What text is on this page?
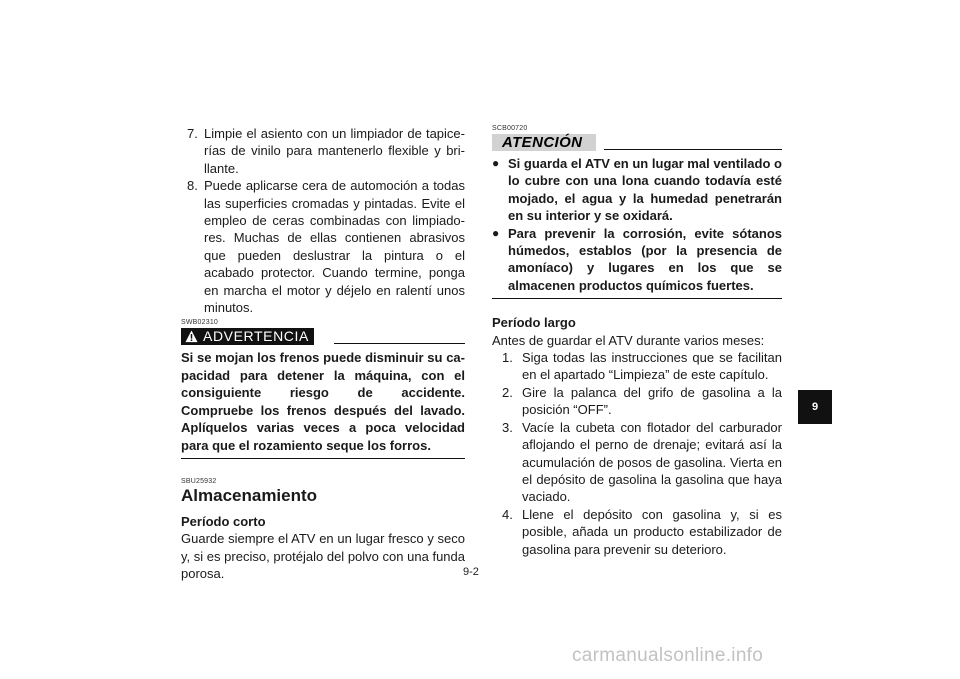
7. Limpie el asiento con un limpiador de tapicerías de vinilo para mantenerlo flexible y brillante.
8. Puede aplicarse cera de automoción a todas las superficies cromadas y pintadas. Evite el empleo de ceras combinadas con limpiadores. Muchas de ellas contienen abrasivos que pueden deslustrar la pintura o el acabado protector. Cuando termine, ponga en marcha el motor y déjelo en ralentí unos minutos.
SWB02310
ADVERTENCIA
Si se mojan los frenos puede disminuir su capacidad para detener la máquina, con el consiguiente riesgo de accidente. Compruebe los frenos después del lavado. Aplíquelos varias veces a poca velocidad para que el rozamiento seque los forros.
SBU25932
Almacenamiento
Período corto
Guarde siempre el ATV en un lugar fresco y seco y, si es preciso, protéjalo del polvo con una funda porosa.
SCB00720
ATENCIÓN
● Si guarda el ATV en un lugar mal ventilado o lo cubre con una lona cuando todavía esté mojado, el agua y la humedad penetrarán en su interior y se oxidará.
● Para prevenir la corrosión, evite sótanos húmedos, establos (por la presencia de amoníaco) y lugares en los que se almacenen productos químicos fuertes.
Período largo
Antes de guardar el ATV durante varios meses:
1. Siga todas las instrucciones que se facilitan en el apartado “Limpieza” de este capítulo.
2. Gire la palanca del grifo de gasolina a la posición “OFF”.
3. Vacíe la cubeta con flotador del carburador aflojando el perno de drenaje; evitará así la acumulación de posos de gasolina. Vierta en el depósito de gasolina la gasolina que haya vaciado.
4. Llene el depósito con gasolina y, si es posible, añada un producto estabilizador de gasolina para prevenir su deterioro.
9
9-2
carmanualsonline.info
